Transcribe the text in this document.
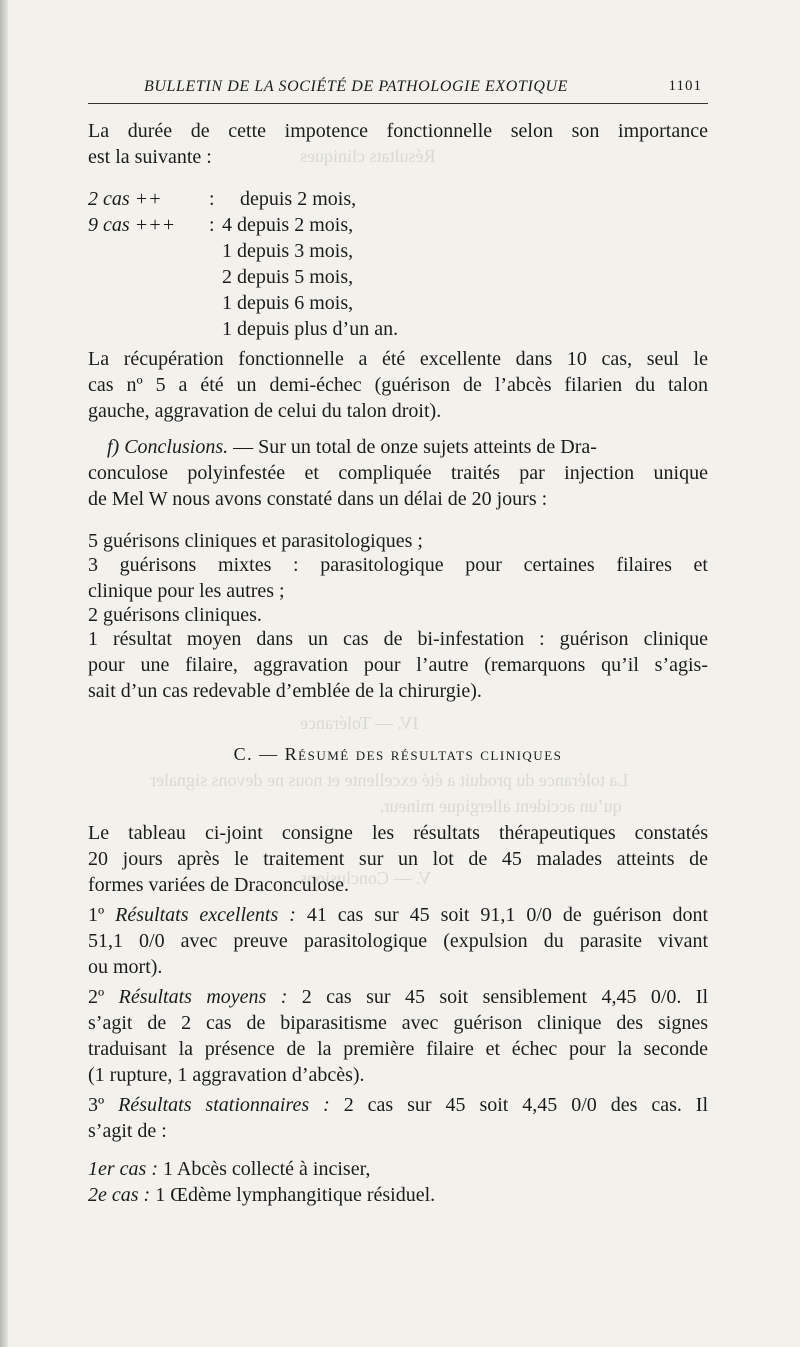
Résultats cliniques
IV. — Tolérance
La tolérance du produit a été excellente et nous ne devons signaler
qu’un accident allergique mineur.
V. — Conclusions
BULLETIN DE LA SOCIÉTÉ DE PATHOLOGIE EXOTIQUE	1101
La durée de cette impotence fonctionnelle selon son importance
est la suivante :
2 cas ++ : depuis 2 mois,
9 cas +++ : 4 depuis 2 mois,
1 depuis 3 mois,
2 depuis 5 mois,
1 depuis 6 mois,
1 depuis plus d’un an.
La récupération fonctionnelle a été excellente dans 10 cas, seul le
cas nº 5 a été un demi-échec (guérison de l’abcès filarien du talon
gauche, aggravation de celui du talon droit).
f) Conclusions. — Sur un total de onze sujets atteints de Dra-
conculose polyinfestée et compliquée traités par injection unique
de Mel W nous avons constaté dans un délai de 20 jours :
5 guérisons cliniques et parasitologiques ;
3 guérisons mixtes : parasitologique pour certaines filaires et
clinique pour les autres ;
2 guérisons cliniques.
1 résultat moyen dans un cas de bi-infestation : guérison clinique
pour une filaire, aggravation pour l’autre (remarquons qu’il s’agis-
sait d’un cas redevable d’emblée de la chirurgie).
C. — Résumé des résultats cliniques
Le tableau ci-joint consigne les résultats thérapeutiques constatés
20 jours après le traitement sur un lot de 45 malades atteints de
formes variées de Draconculose.
1º Résultats excellents : 41 cas sur 45 soit 91,1 0/0 de guérison dont
51,1 0/0 avec preuve parasitologique (expulsion du parasite vivant
ou mort).
2º Résultats moyens : 2 cas sur 45 soit sensiblement 4,45 0/0. Il
s’agit de 2 cas de biparasitisme avec guérison clinique des signes
traduisant la présence de la première filaire et échec pour la seconde
(1 rupture, 1 aggravation d’abcès).
3º Résultats stationnaires : 2 cas sur 45 soit 4,45 0/0 des cas. Il
s’agit de :
1er cas : 1 Abcès collecté à inciser,
2e cas : 1 Œdème lymphangitique résiduel.
